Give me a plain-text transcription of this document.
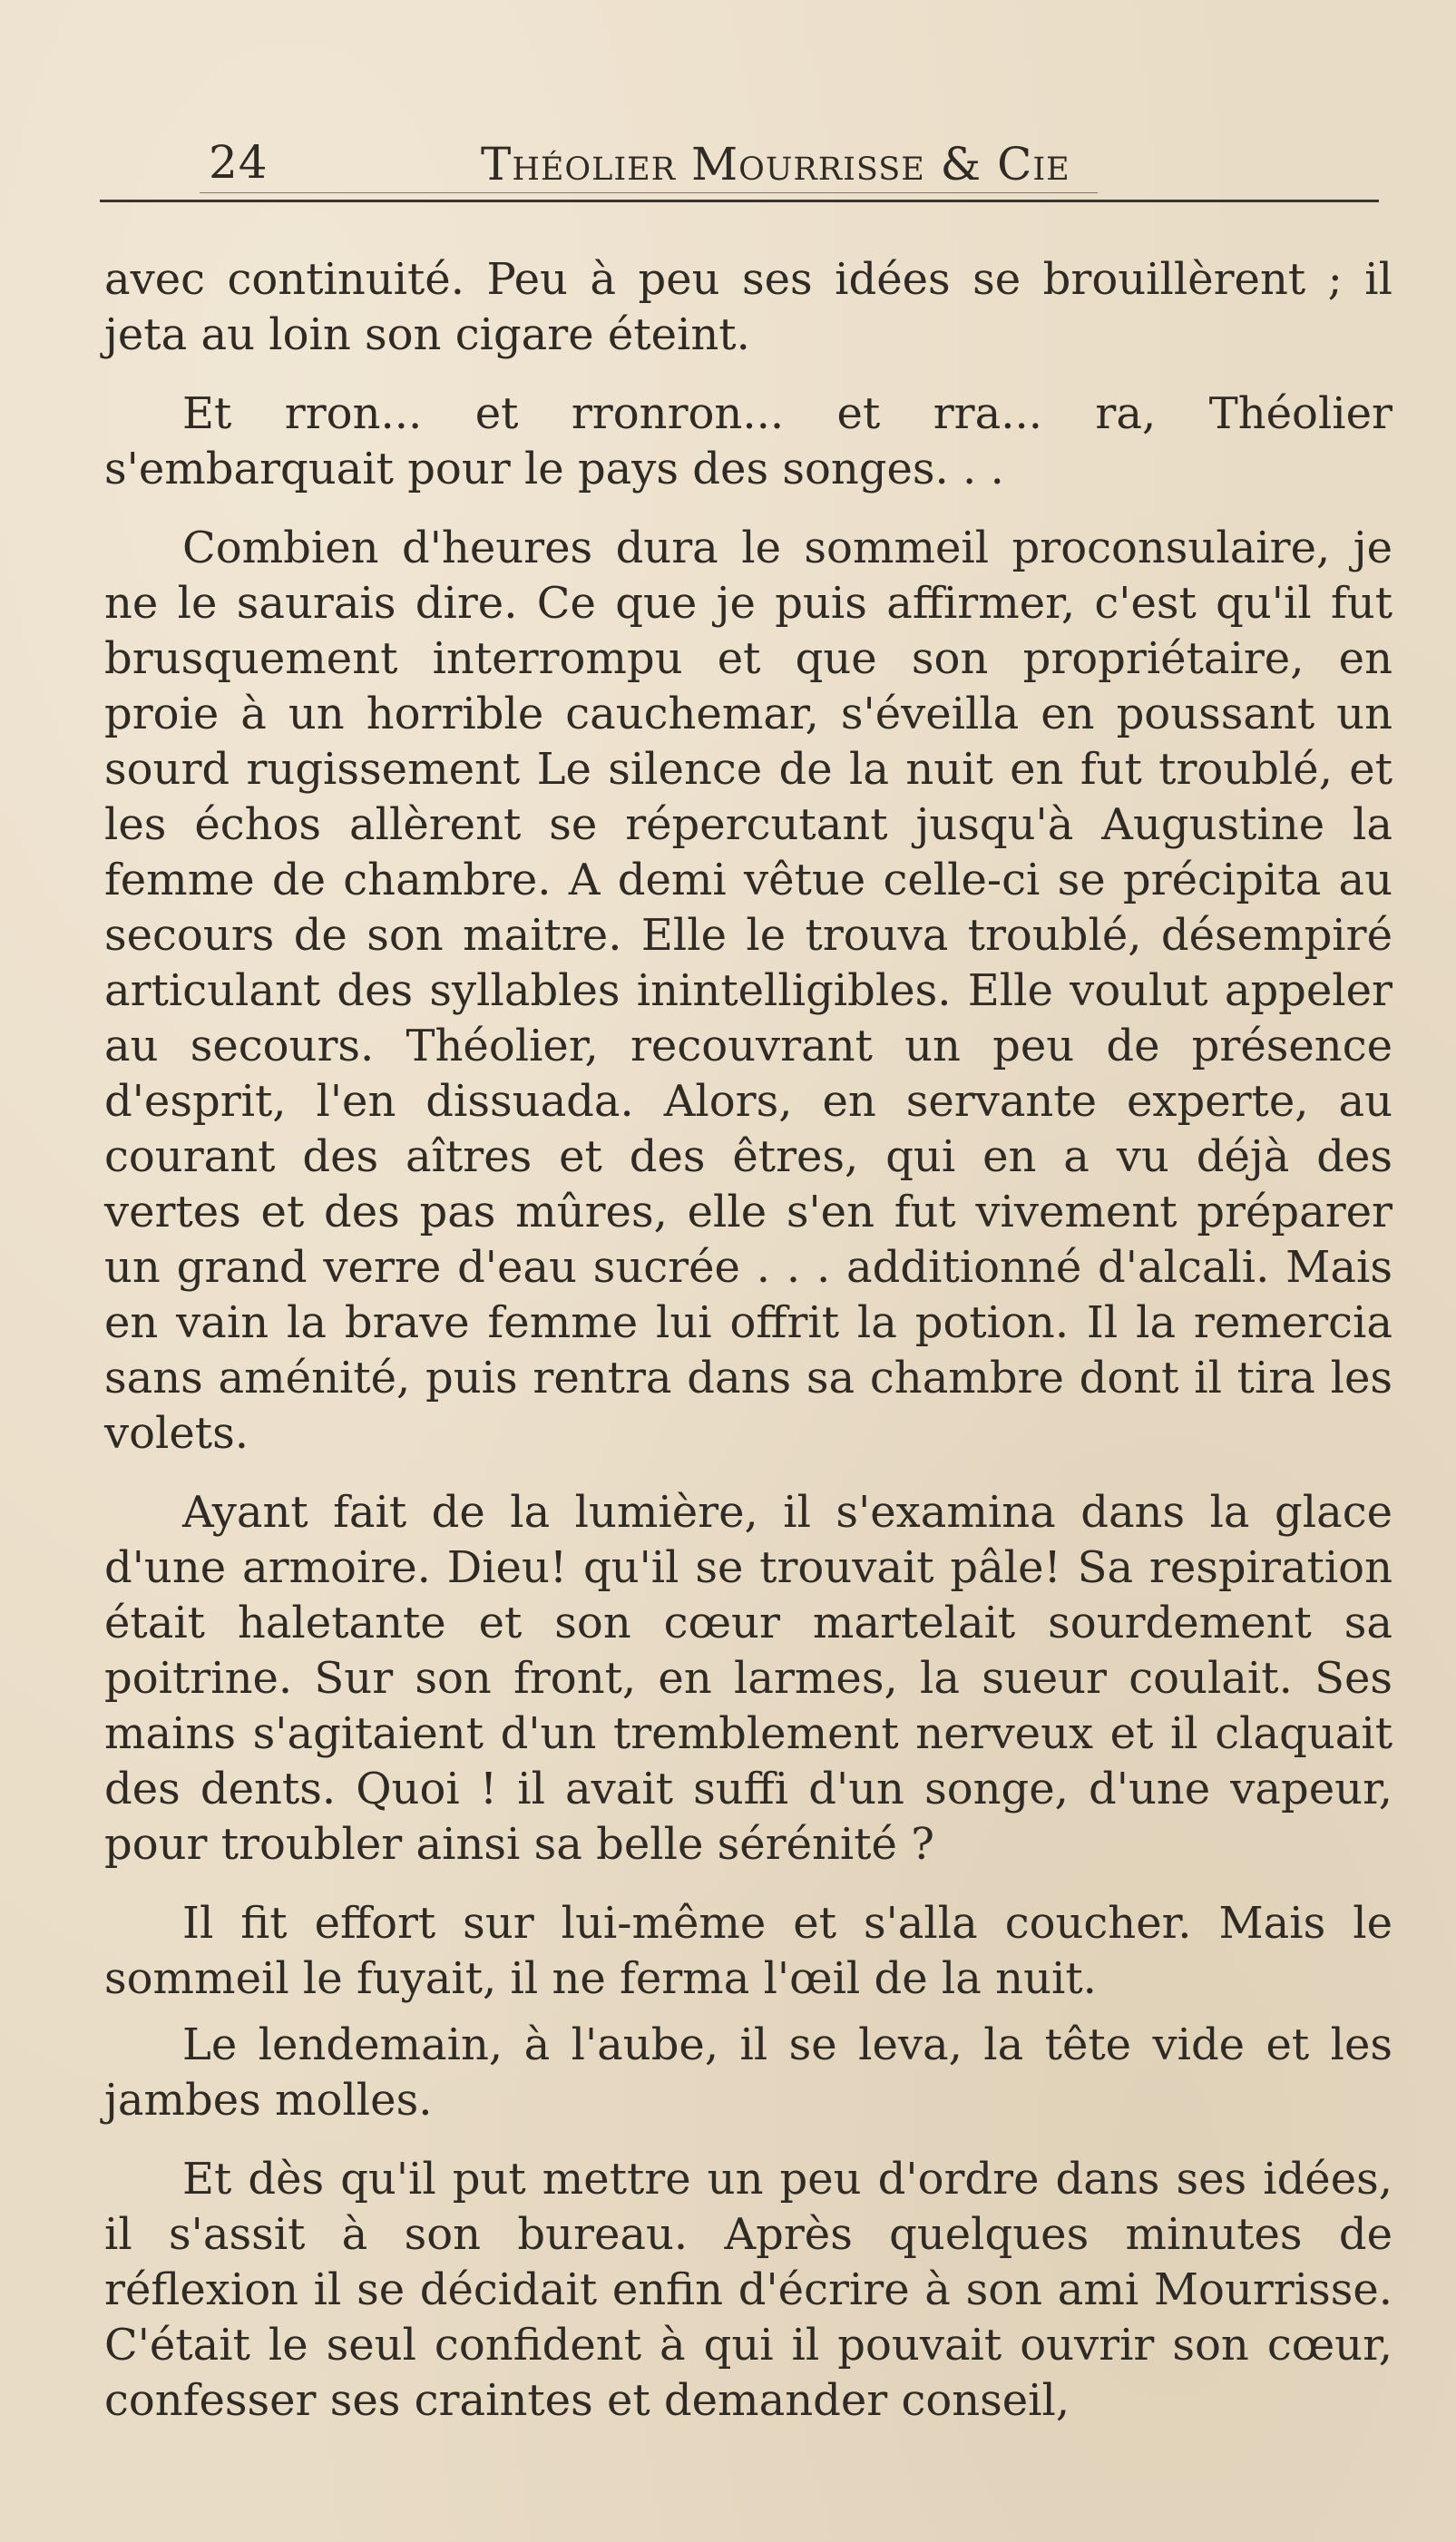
24	Théolier Mourrisse & Cie

avec continuité. Peu à peu ses idées se brouillèrent ; il jeta au loin son cigare éteint.

Et rron... et rronron... et rra... ra, Théolier s'embarquait pour le pays des songes. . .

Combien d'heures dura le sommeil proconsulaire, je ne le saurais dire. Ce que je puis affirmer, c'est qu'il fut brusquement interrompu et que son propriétaire, en proie à un horrible cauchemar, s'éveilla en poussant un sourd rugissement Le silence de la nuit en fut troublé, et les échos allèrent se répercutant jusqu'à Augustine la femme de chambre. A demi vêtue celle-ci se précipita au secours de son maitre. Elle le trouva troublé, désempiré articulant des syllables inintelligibles. Elle voulut appeler au secours. Théolier, recouvrant un peu de présence d'esprit, l'en dissuada. Alors, en servante experte, au courant des aîtres et des êtres, qui en a vu déjà des vertes et des pas mûres, elle s'en fut vivement préparer un grand verre d'eau sucrée . . . additionné d'alcali. Mais en vain la brave femme lui offrit la potion. Il la remercia sans aménité, puis rentra dans sa chambre dont il tira les volets.

Ayant fait de la lumière, il s'examina dans la glace d'une armoire. Dieu! qu'il se trouvait pâle! Sa respiration était haletante et son cœur martelait sourdement sa poitrine. Sur son front, en larmes, la sueur coulait. Ses mains s'agitaient d'un tremblement nerveux et il claquait des dents. Quoi ! il avait suffi d'un songe, d'une vapeur, pour troubler ainsi sa belle sérénité ?

Il fit effort sur lui-même et s'alla coucher. Mais le sommeil le fuyait, il ne ferma l'œil de la nuit.

Le lendemain, à l'aube, il se leva, la tête vide et les jambes molles.

Et dès qu'il put mettre un peu d'ordre dans ses idées, il s'assit à son bureau. Après quelques minutes de réflexion il se décidait enfin d'écrire à son ami Mourrisse. C'était le seul confident à qui il pouvait ouvrir son cœur, confesser ses craintes et demander conseil,
